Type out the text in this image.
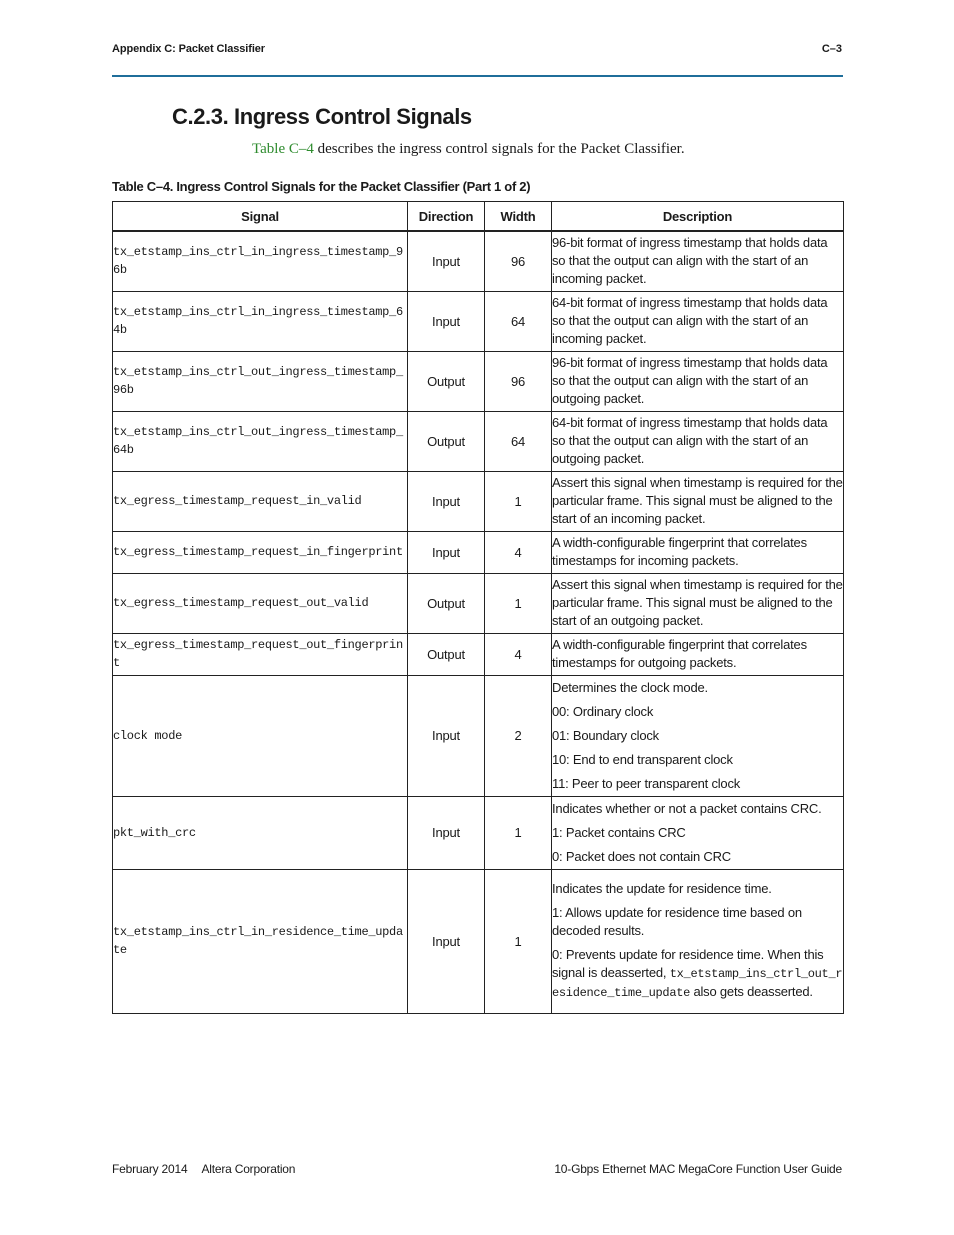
Appendix C: Packet Classifier	C–3
C.2.3. Ingress Control Signals
Table C–4 describes the ingress control signals for the Packet Classifier.
Table C–4. Ingress Control Signals for the Packet Classifier (Part 1 of 2)
Signal	Direction	Width	Description
tx_etstamp_ins_ctrl_in_ingress_timestamp_96b	Input	96	96-bit format of ingress timestamp that holds data so that the output can align with the start of an incoming packet.

tx_etstamp_ins_ctrl_in_ingress_timestamp_64b	Input	64	64-bit format of ingress timestamp that holds data so that the output can align with the start of an incoming packet.

tx_etstamp_ins_ctrl_out_ingress_timestamp_96b	Output	96	96-bit format of ingress timestamp that holds data so that the output can align with the start of an outgoing packet.

tx_etstamp_ins_ctrl_out_ingress_timestamp_64b	Output	64	64-bit format of ingress timestamp that holds data so that the output can align with the start of an outgoing packet.

tx_egress_timestamp_request_in_valid	Input	1	Assert this signal when timestamp is required for the particular frame. This signal must be aligned to the start of an incoming packet.

tx_egress_timestamp_request_in_fingerprint	Input	4	A width-configurable fingerprint that correlates timestamps for incoming packets.

tx_egress_timestamp_request_out_valid	Output	1	Assert this signal when timestamp is required for the particular frame. This signal must be aligned to the start of an outgoing packet.

tx_egress_timestamp_request_out_fingerprint	Output	4	A width-configurable fingerprint that correlates timestamps for outgoing packets.

clock mode	Input	2	Determines the clock mode.

00: Ordinary clock

01: Boundary clock

10: End to end transparent clock

11: Peer to peer transparent clock

pkt_with_crc	Input	1	Indicates whether or not a packet contains CRC.

1: Packet contains CRC

0: Packet does not contain CRC

tx_etstamp_ins_ctrl_in_residence_time_update	Input	1	Indicates the update for residence time.

1: Allows update for residence time based on decoded results.

0: Prevents update for residence time. When this signal is deasserted, tx_etstamp_ins_ctrl_out_residence_time_update also gets deasserted.

February 2014 Altera Corporation	10-Gbps Ethernet MAC MegaCore Function User Guide
